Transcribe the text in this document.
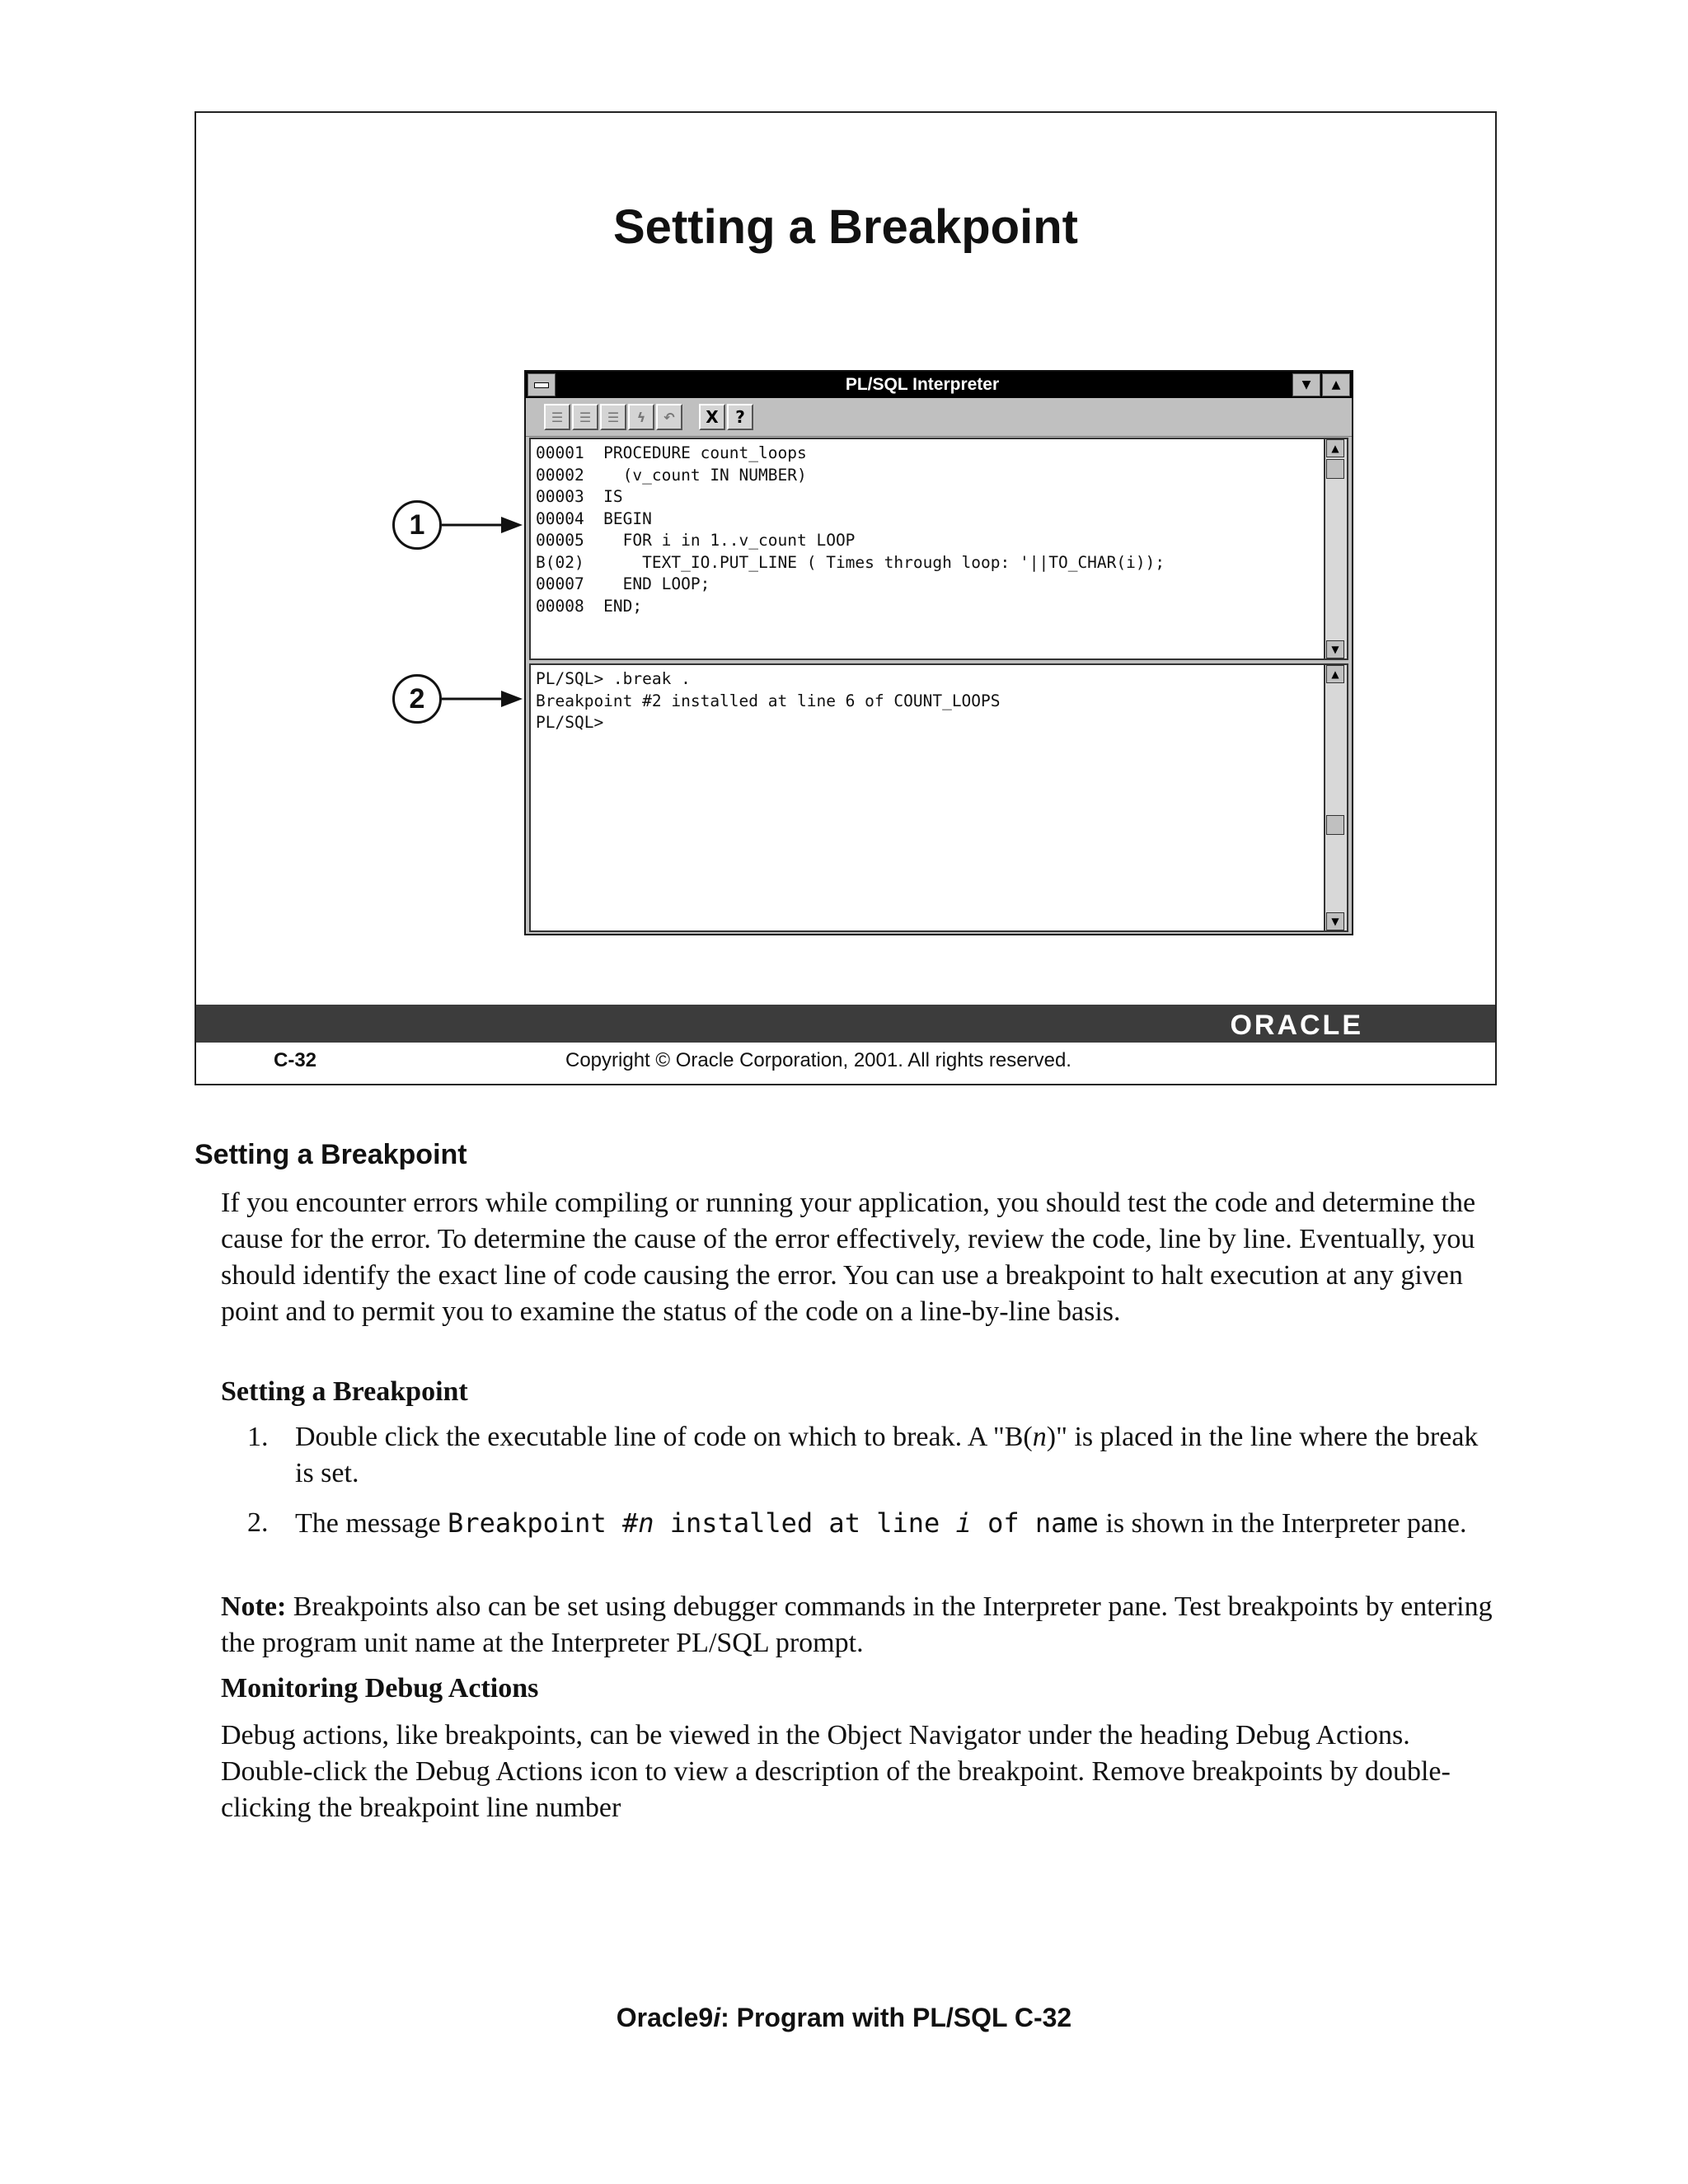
Setting a Breakpoint
1
2
PL/SQL Interpreter	▼	▲
☰	☰	☰	ϟ	↶	X	?
00001  PROCEDURE count_loops
00002    (v_count IN NUMBER)
00003  IS
00004  BEGIN
00005    FOR i in 1..v_count LOOP
B(02)      TEXT_IO.PUT_LINE ( Times through loop: '||TO_CHAR(i));
00007    END LOOP;
00008  END;
▲
▼
PL/SQL> .break .
Breakpoint #2 installed at line 6 of COUNT_LOOPS
PL/SQL>
▲
▼
ORACLE
C-32	Copyright © Oracle Corporation, 2001. All rights reserved.
Setting a Breakpoint

If you encounter errors while compiling or running your application, you should test the code and determine the cause for the error. To determine the cause of the error effectively, review the code, line by line. Eventually, you should identify the exact line of code causing the error. You can use a breakpoint to halt execution at any given point and to permit you to examine the status of the code on a line-by-line basis.

Setting a Breakpoint
1. Double click the executable line of code on which to break. A "B(n)" is placed in the line where the break is set.

2. The message Breakpoint #n installed at line i of name is shown in the Interpreter pane.

Note: Breakpoints also can be set using debugger commands in the Interpreter pane. Test breakpoints by entering the program unit name at the Interpreter PL/SQL prompt.

Monitoring Debug Actions

Debug actions, like breakpoints, can be viewed in the Object Navigator under the heading Debug Actions. Double-click the Debug Actions icon to view a description of the breakpoint. Remove breakpoints by double-clicking the breakpoint line number

Oracle9i: Program with PL/SQL C-32
